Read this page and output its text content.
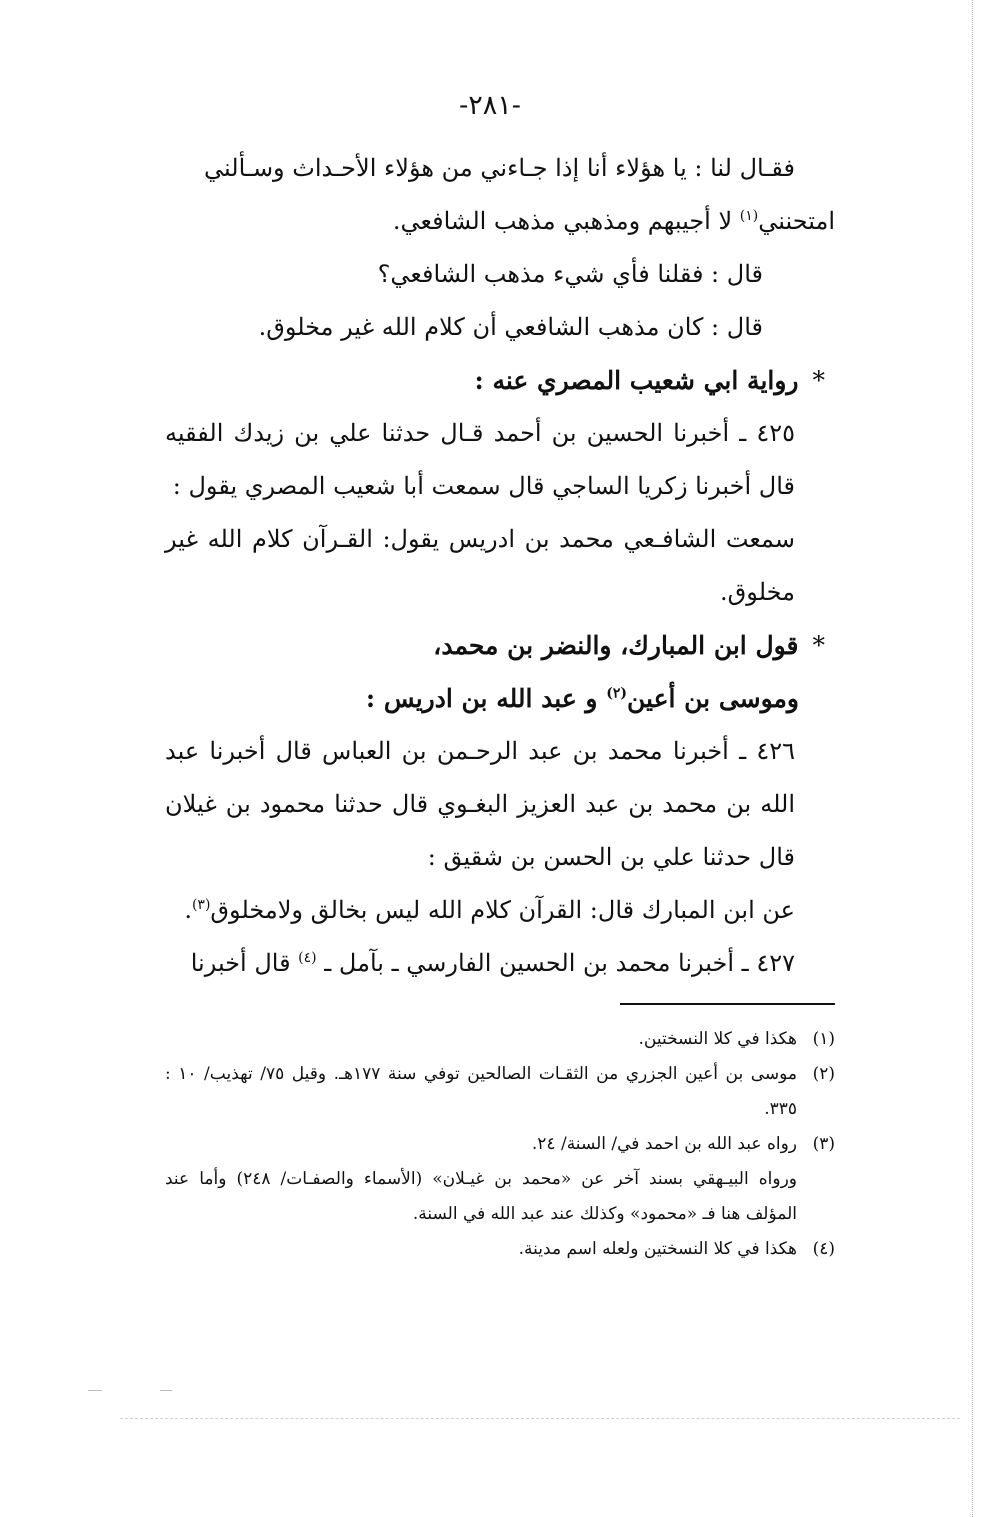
-٢٨١-

فقـال لنا : يا هؤلاء أنا إذا جـاءني من هؤلاء الأحـداث وسـألني

امتحنني$^{(١)}$ لا أجيبهم ومذهبي مذهب الشافعي.

قال : فقلنا فأي شيء مذهب الشافعي؟

قال : كان مذهب الشافعي أن كلام الله غير مخلوق.

*رواية ابي شعيب المصري عنه :

٤٢٥ ـ أخبرنا الحسين بن أحمد قـال حدثنا علي بن زيدك الفقيه قال أخبرنا زكريا الساجي قال سمعت أبا شعيب المصري يقول :

سمعت الشافـعي محمد بن ادريس يقول: القـرآن كلام الله غير مخلوق.

*قول ابن المبارك، والنضر بن محمد،

وموسى بن أعين$^{(٢)}$ و عبد الله بن ادريس :

٤٢٦ ـ أخبرنا محمد بن عبد الرحـمن بن العباس قال أخبرنا عبد الله بن محمد بن عبد العزيز البغـوي قال حدثنا محمود بن غيلان قال حدثنا علي بن الحسن بن شقيق :

عن ابن المبارك قال: القرآن كلام الله ليس بخالق ولامخلوق$^{(٣)}$.

٤٢٧ ـ أخبرنا محمد بن الحسين الفارسي ـ بآمل ـ $^{(٤)}$ قال أخبرنا

(١)
هكذا في كلا النسختين.
(٢)
موسى بن أعين الجزري من الثقـات الصالحين توفي سنة ١٧٧هـ. وقيل ٧٥/ تهذيب/ ١٠ : ٣٣٥.
(٣)
رواه عبد الله بن احمد في/ السنة/ ٢٤.

ورواه البيـهقي بسند آخر عن «محمد بن غيـلان» (الأسماء والصفـات/ ٢٤٨) وأما عند المؤلف هنا فـ «محمود» وكذلك عند عبد الله في السنة.

(٤)
هكذا في كلا النسختين ولعله اسم مدينة.
